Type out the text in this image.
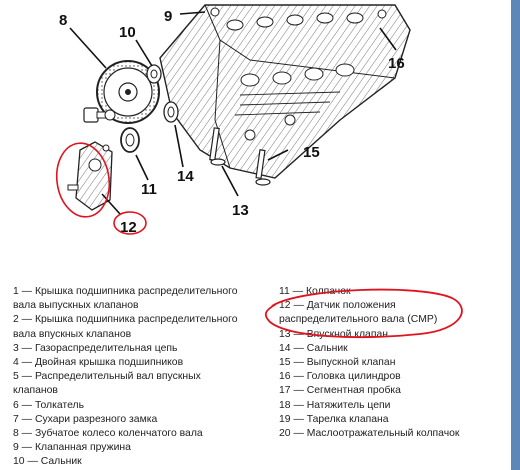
8	9
10
16
15
14
11
13
12
1 — Крышка подшипника распределительного
вала выпускных клапанов
2 — Крышка подшипника распределительного
вала впускных клапанов
3 — Газораспределительная цепь
4 — Двойная крышка подшипников
5 — Распределительный вал впускных
клапанов
6 — Толкатель
7 — Сухари разрезного замка
8 — Зубчатое колесо коленчатого вала
9 — Клапанная пружина
10 — Сальник
11 — Колпачок
12 — Датчик положения
распределительного вала (CMP)
13 — Впускной клапан
14 — Сальник
15 — Выпускной клапан
16 — Головка цилиндров
17 — Сегментная пробка
18 — Натяжитель цепи
19 — Тарелка клапана
20 — Маслоотражательный колпачок
